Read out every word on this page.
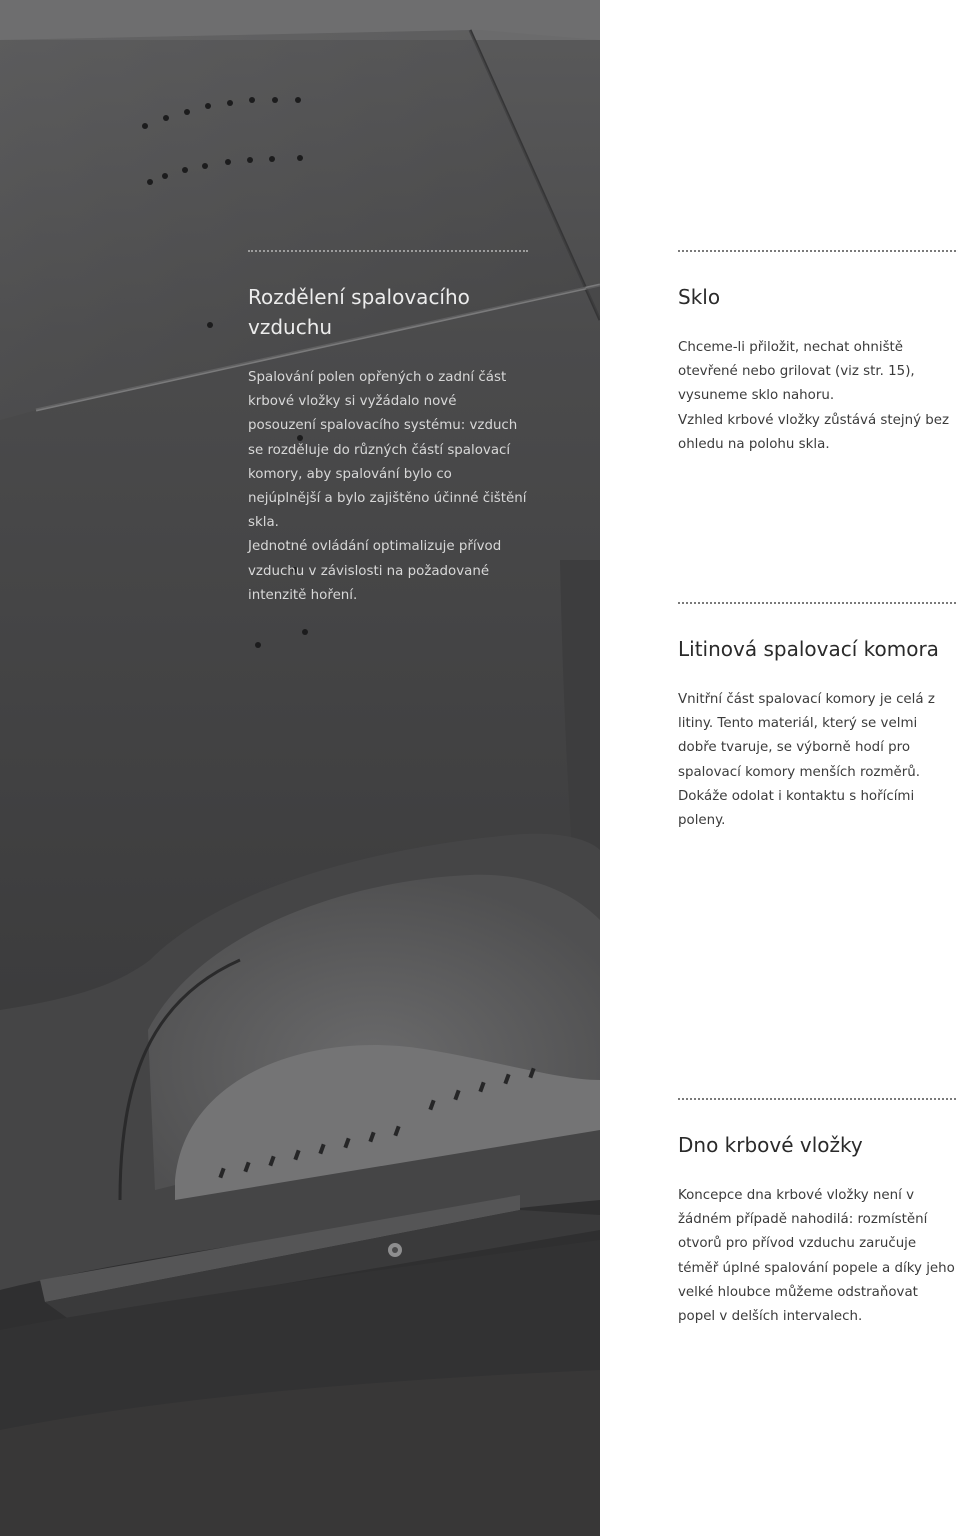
Rozdělení spalovacího vzduchu

Spalování polen opřených o zadní část krbové vložky si vyžádalo nové posouzení spalovacího systému: vzduch se rozděluje do různých částí spalovací komory, aby spalování bylo co nejúplnější a bylo zajištěno účinné čištění skla.

Jednotné ovládání optimalizuje přívod vzduchu v závislosti na požadované intenzitě hoření.

Sklo

Chceme-li přiložit, nechat ohniště otevřené nebo grilovat (viz str. 15), vysuneme sklo nahoru.

Vzhled krbové vložky zůstává stejný bez ohledu na polohu skla.

Litinová spalovací komora

Vnitřní část spalovací komory je celá z litiny. Tento materiál, který se velmi dobře tvaruje, se výborně hodí pro spalovací komory menších rozměrů. Dokáže odolat i kontaktu s hořícími poleny.

Dno krbové vložky

Koncepce dna krbové vložky není v žádném případě nahodilá: rozmístění otvorů pro přívod vzduchu zaručuje téměř úplné spalování popele a díky jeho velké hloubce můžeme odstraňovat popel v delších intervalech.
